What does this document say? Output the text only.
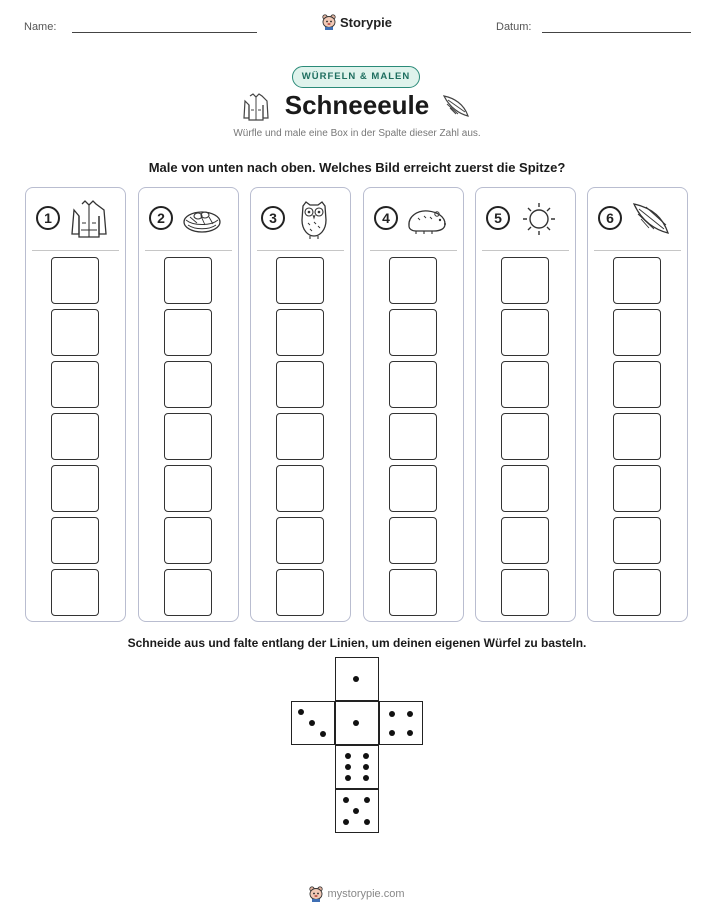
Name:	Storypie	Datum:
WÜRFELN & MALEN
Schneeeule
Würfle und male eine Box in der Spalte dieser Zahl aus.
Male von unten nach oben. Welches Bild erreicht zuerst die Spitze?
1	2	3	4	5	6
Schneide aus und falte entlang der Linien, um deinen eigenen Würfel zu basteln.
mystorypie.com
